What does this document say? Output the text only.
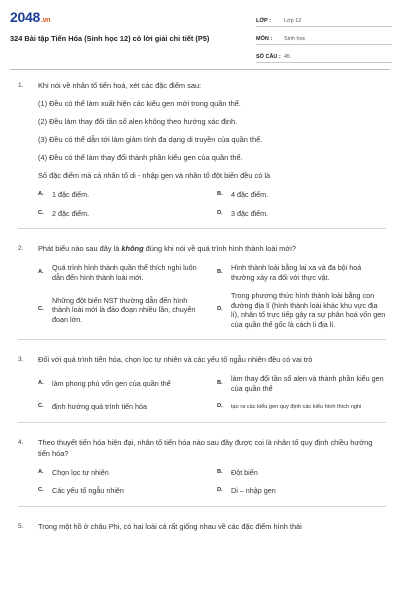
2048.vn
324 Bài tập Tiến Hóa (Sinh học 12) có lời giải chi tiết (P5)
LỚP :	Lớp 12
MÔN :	Sinh học
SỐ CÂU : 45
1. Khi nói về nhân tố tiến hoá, xét các đặc điểm sau:
(1) Đều có thể làm xuất hiện các kiểu gen mới trong quần thể.
(2) Đều làm thay đổi tần số alen không theo hướng xác định.
(3) Đều có thể dẫn tới làm giảm tính đa dạng di truyền của quần thể.
(4) Đều có thể làm thay đổi thành phần kiểu gen của quần thể.
Số đặc điểm mà cả nhân tố di - nhập gen và nhân tố đột biến đều có là
A.	1 đặc điểm.	B.	4 đặc điểm.
C.	2 đặc điểm.	D.	3 đặc điểm.
2. Phát biểu nào sau đây là không đúng khi nói về quá trình hình thành loài mới?
A.	Quá trình hình thành quần thể thích nghi luôn dẫn đến hình thành loài mới.
B.	Hình thành loài bằng lai xa và đa bội hoá thường xảy ra đối với thực vật.
C.
Những đột biến NST thường dẫn đến hình thành loài mới là đảo đoạn nhiều lần, chuyển đoạn lớn.
D.
Trong phương thức hình thành loài bằng con đường địa lí (hình thành loài khác khu vực địa lí), nhân tố trực tiếp gây ra sự phân hoá vốn gen của quần thể gốc là cách li địa lí.
3. Đối với quá trình tiến hóa, chọn lọc tự nhiên và các yếu tố ngẫu nhiên đều có vai trò
A.	làm phong phú vốn gen của quần thể	B.	làm thay đổi tần số alen và thành phần kiểu gen của quần thể
C.	định hướng quá trình tiến hóa	D.	tạo ra các kiểu gen quy định các kiểu hình thích nghi
4. Theo thuyết tiến hóa hiện đại, nhân tố tiến hóa nào sau đây được coi là nhân tố quy định chiều hướng tiến hóa?
A.	Chọn lọc tự nhiên	B.	Đột biến
C.	Các yếu tố ngẫu nhiên	D.	Di – nhập gen
5. Trong một hồ ở châu Phi, có hai loài cá rất giống nhau về các đặc điểm hình thái
